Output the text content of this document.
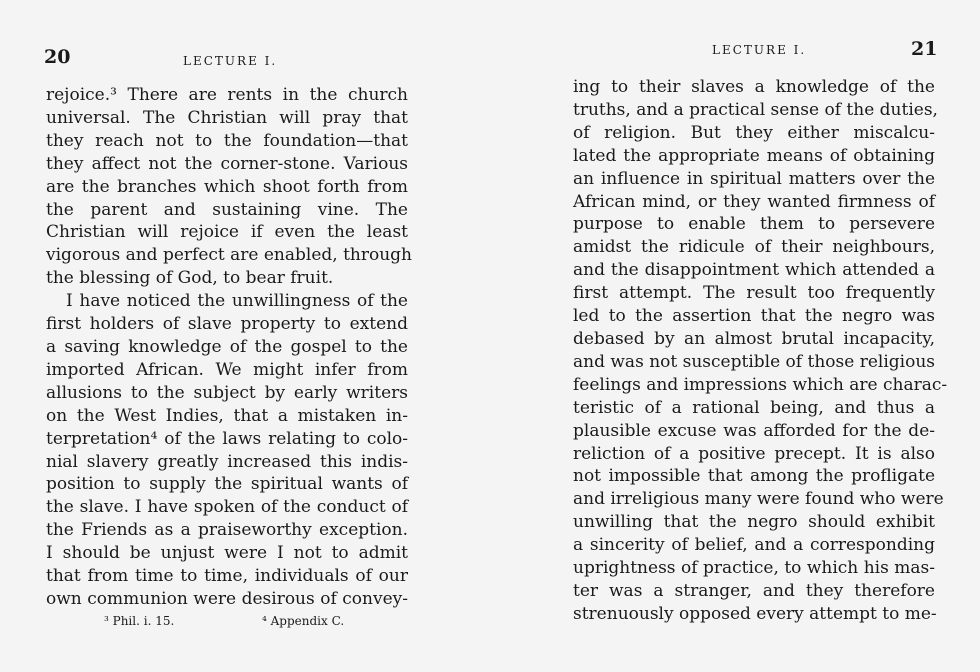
20	LECTURE I.
rejoice.³ There are rents in the church
universal. The Christian will pray that
they reach not to the foundation—that
they affect not the corner-stone. Various
are the branches which shoot forth from
the parent and sustaining vine. The
Christian will rejoice if even the least
vigorous and perfect are enabled, through
the blessing of God, to bear fruit.
I have noticed the unwillingness of the
first holders of slave property to extend
a saving knowledge of the gospel to the
imported African. We might infer from
allusions to the subject by early writers
on the West Indies, that a mistaken in-
terpretation⁴ of the laws relating to colo-
nial slavery greatly increased this indis-
position to supply the spiritual wants of
the slave. I have spoken of the conduct of
the Friends as a praiseworthy exception.
I should be unjust were I not to admit
that from time to time, individuals of our
own communion were desirous of convey-
³ Phil. i. 15.	⁴ Appendix C.
LECTURE I.	21
ing to their slaves a knowledge of the
truths, and a practical sense of the duties,
of religion. But they either miscalcu-
lated the appropriate means of obtaining
an influence in spiritual matters over the
African mind, or they wanted firmness of
purpose to enable them to persevere
amidst the ridicule of their neighbours,
and the disappointment which attended a
first attempt. The result too frequently
led to the assertion that the negro was
debased by an almost brutal incapacity,
and was not susceptible of those religious
feelings and impressions which are charac-
teristic of a rational being, and thus a
plausible excuse was afforded for the de-
reliction of a positive precept. It is also
not impossible that among the profligate
and irreligious many were found who were
unwilling that the negro should exhibit
a sincerity of belief, and a corresponding
uprightness of practice, to which his mas-
ter was a stranger, and they therefore
strenuously opposed every attempt to me-
